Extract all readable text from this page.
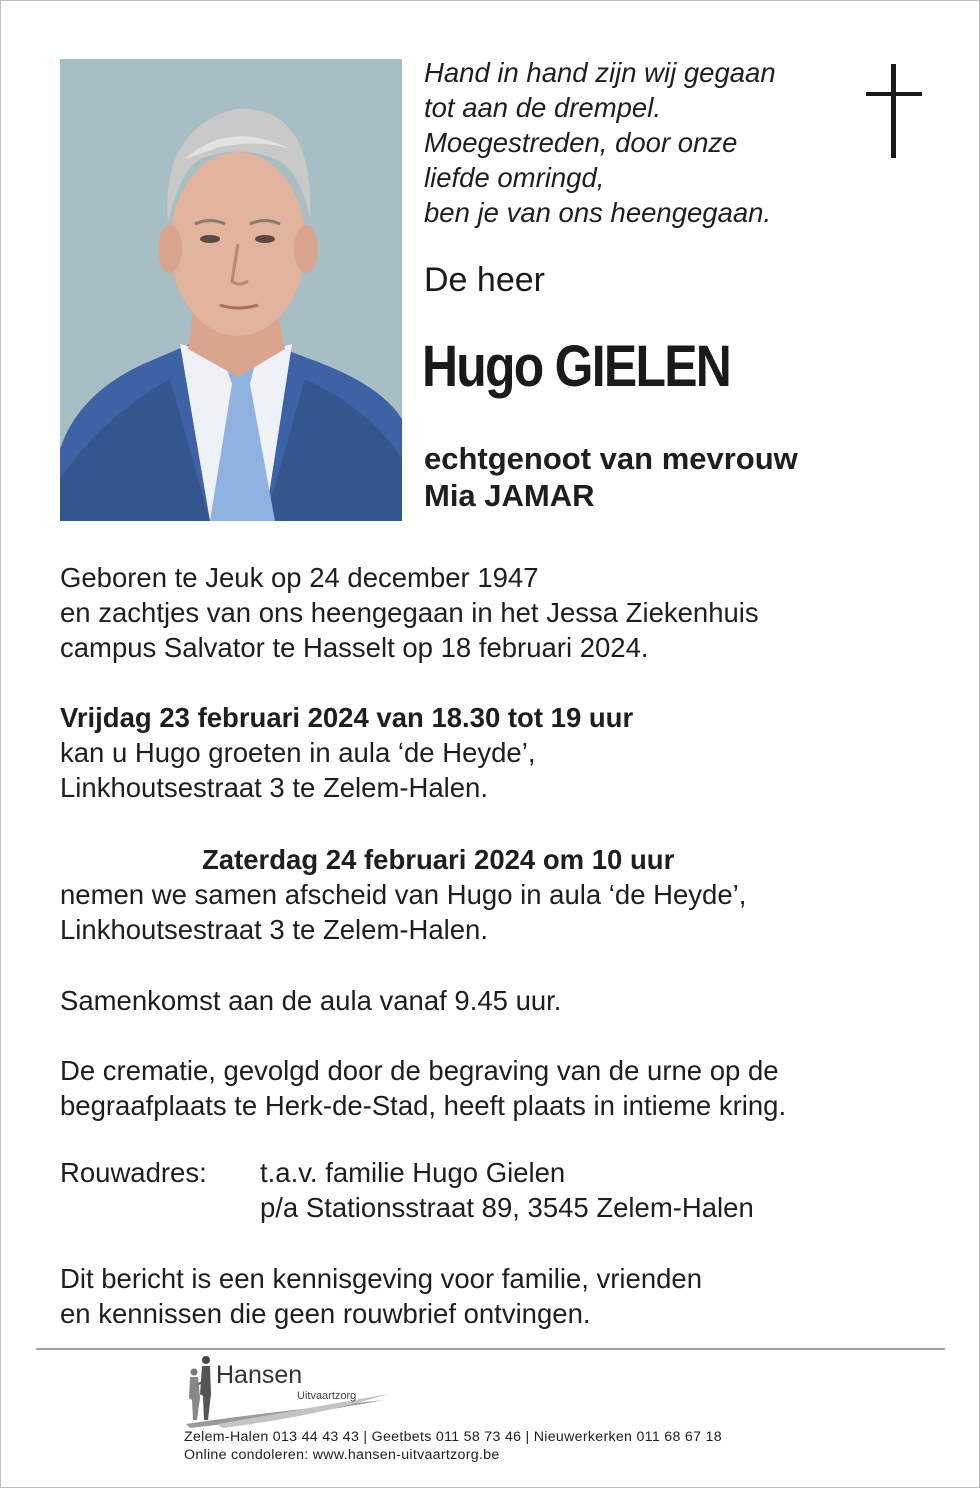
Hand in hand zijn wij gegaan
tot aan de drempel.
Moegestreden, door onze
liefde omringd,
ben je van ons heengegaan.
De heer
Hugo GIELEN
echtgenoot van mevrouw
Mia JAMAR
Geboren te Jeuk op 24 december 1947
en zachtjes van ons heengegaan in het Jessa Ziekenhuis
campus Salvator te Hasselt op 18 februari 2024.
Vrijdag 23 februari 2024 van 18.30 tot 19 uur
kan u Hugo groeten in aula ‘de Heyde’,
Linkhoutsestraat 3 te Zelem-Halen.
Zaterdag 24 februari 2024 om 10 uur
nemen we samen afscheid van Hugo in aula ‘de Heyde’,
Linkhoutsestraat 3 te Zelem-Halen.
Samenkomst aan de aula vanaf 9.45 uur.
De crematie, gevolgd door de begraving van de urne op de
begraafplaats te Herk-de-Stad, heeft plaats in intieme kring.
Rouwadres:	t.a.v. familie Hugo Gielen
p/a Stationsstraat 89, 3545 Zelem-Halen
Dit bericht is een kennisgeving voor familie, vrienden
en kennissen die geen rouwbrief ontvingen.
Hansen
Uitvaartzorg
Zelem-Halen 013 44 43 43 | Geetbets 011 58 73 46 | Nieuwerkerken 011 68 67 18
Online condoleren: www.hansen-uitvaartzorg.be
